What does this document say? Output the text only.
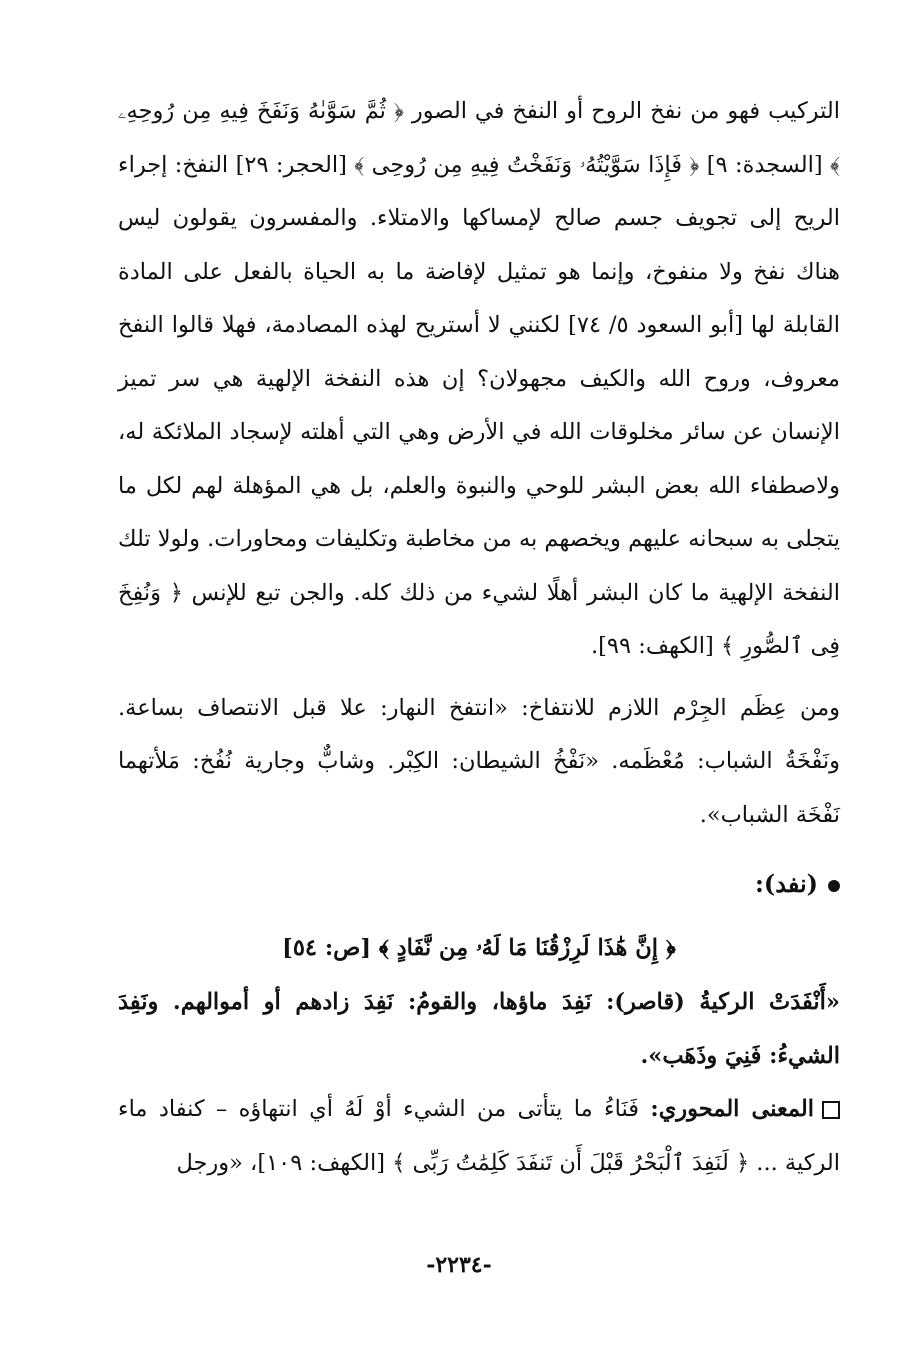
التركيب فهو من نفخ الروح أو النفخ في الصور ﴿ ثُمَّ سَوَّىٰهُ وَنَفَخَ فِيهِ مِن رُوحِهِۦ ﴾ [السجدة: ٩] ﴿ فَإِذَا سَوَّيْتُهُۥ وَنَفَخْتُ فِيهِ مِن رُوحِى ﴾ [الحجر: ٢٩] النفخ: إجراء الريح إلى تجويف جسم صالح لإمساكها والامتلاء. والمفسرون يقولون ليس هناك نفخ ولا منفوخ، وإنما هو تمثيل لإفاضة ما به الحياة بالفعل على المادة القابلة لها [أبو السعود ٥/ ٧٤] لكنني لا أستريح لهذه المصادمة، فهلا قالوا النفخ معروف، وروح الله والكيف مجهولان؟ إن هذه النفخة الإلهية هي سر تميز الإنسان عن سائر مخلوقات الله في الأرض وهي التي أهلته لإسجاد الملائكة له، ولاصطفاء الله بعض البشر للوحي والنبوة والعلم، بل هي المؤهلة لهم لكل ما يتجلى به سبحانه عليهم ويخصهم به من مخاطبة وتكليفات ومحاورات. ولولا تلك النفخة الإلهية ما كان البشر أهلًا لشيء من ذلك كله. والجن تبع للإنس ﴿ وَنُفِخَ فِى ٱلصُّورِ ﴾ [الكهف: ٩٩].

ومن عِظَم الجِرْم اللازم للانتفاخ: «انتفخ النهار: علا قبل الانتصاف بساعة. ونَفْخَةُ الشباب: مُعْظَمه. «نَفْخُ الشيطان: الكِبْر. وشابٌّ وجارية نُفُخ: مَلأتهما نَفْخَة الشباب».

(نفد):
﴿ إِنَّ هَٰذَا لَرِزْقُنَا مَا لَهُۥ مِن نَّفَادٍ ﴾ [ص: ٥٤]

«أَنْفَدَتْ الركيةُ (قاصر): نَفِدَ ماؤها، والقومُ: نَفِدَ زادهم أو أموالهم. ونَفِدَ الشيءُ: فَنِيَ وذَهَب».

المعنى المحوري: فَنَاءُ ما يتأتى من الشيء أوْ لَهُ أي انتهاؤه – كنفاد ماء الركية ... ﴿ لَنَفِدَ ٱلْبَحْرُ قَبْلَ أَن تَنفَدَ كَلِمَٰتُ رَبِّى ﴾ [الكهف: ١٠٩]، «ورجل

-٢٢٣٤-
